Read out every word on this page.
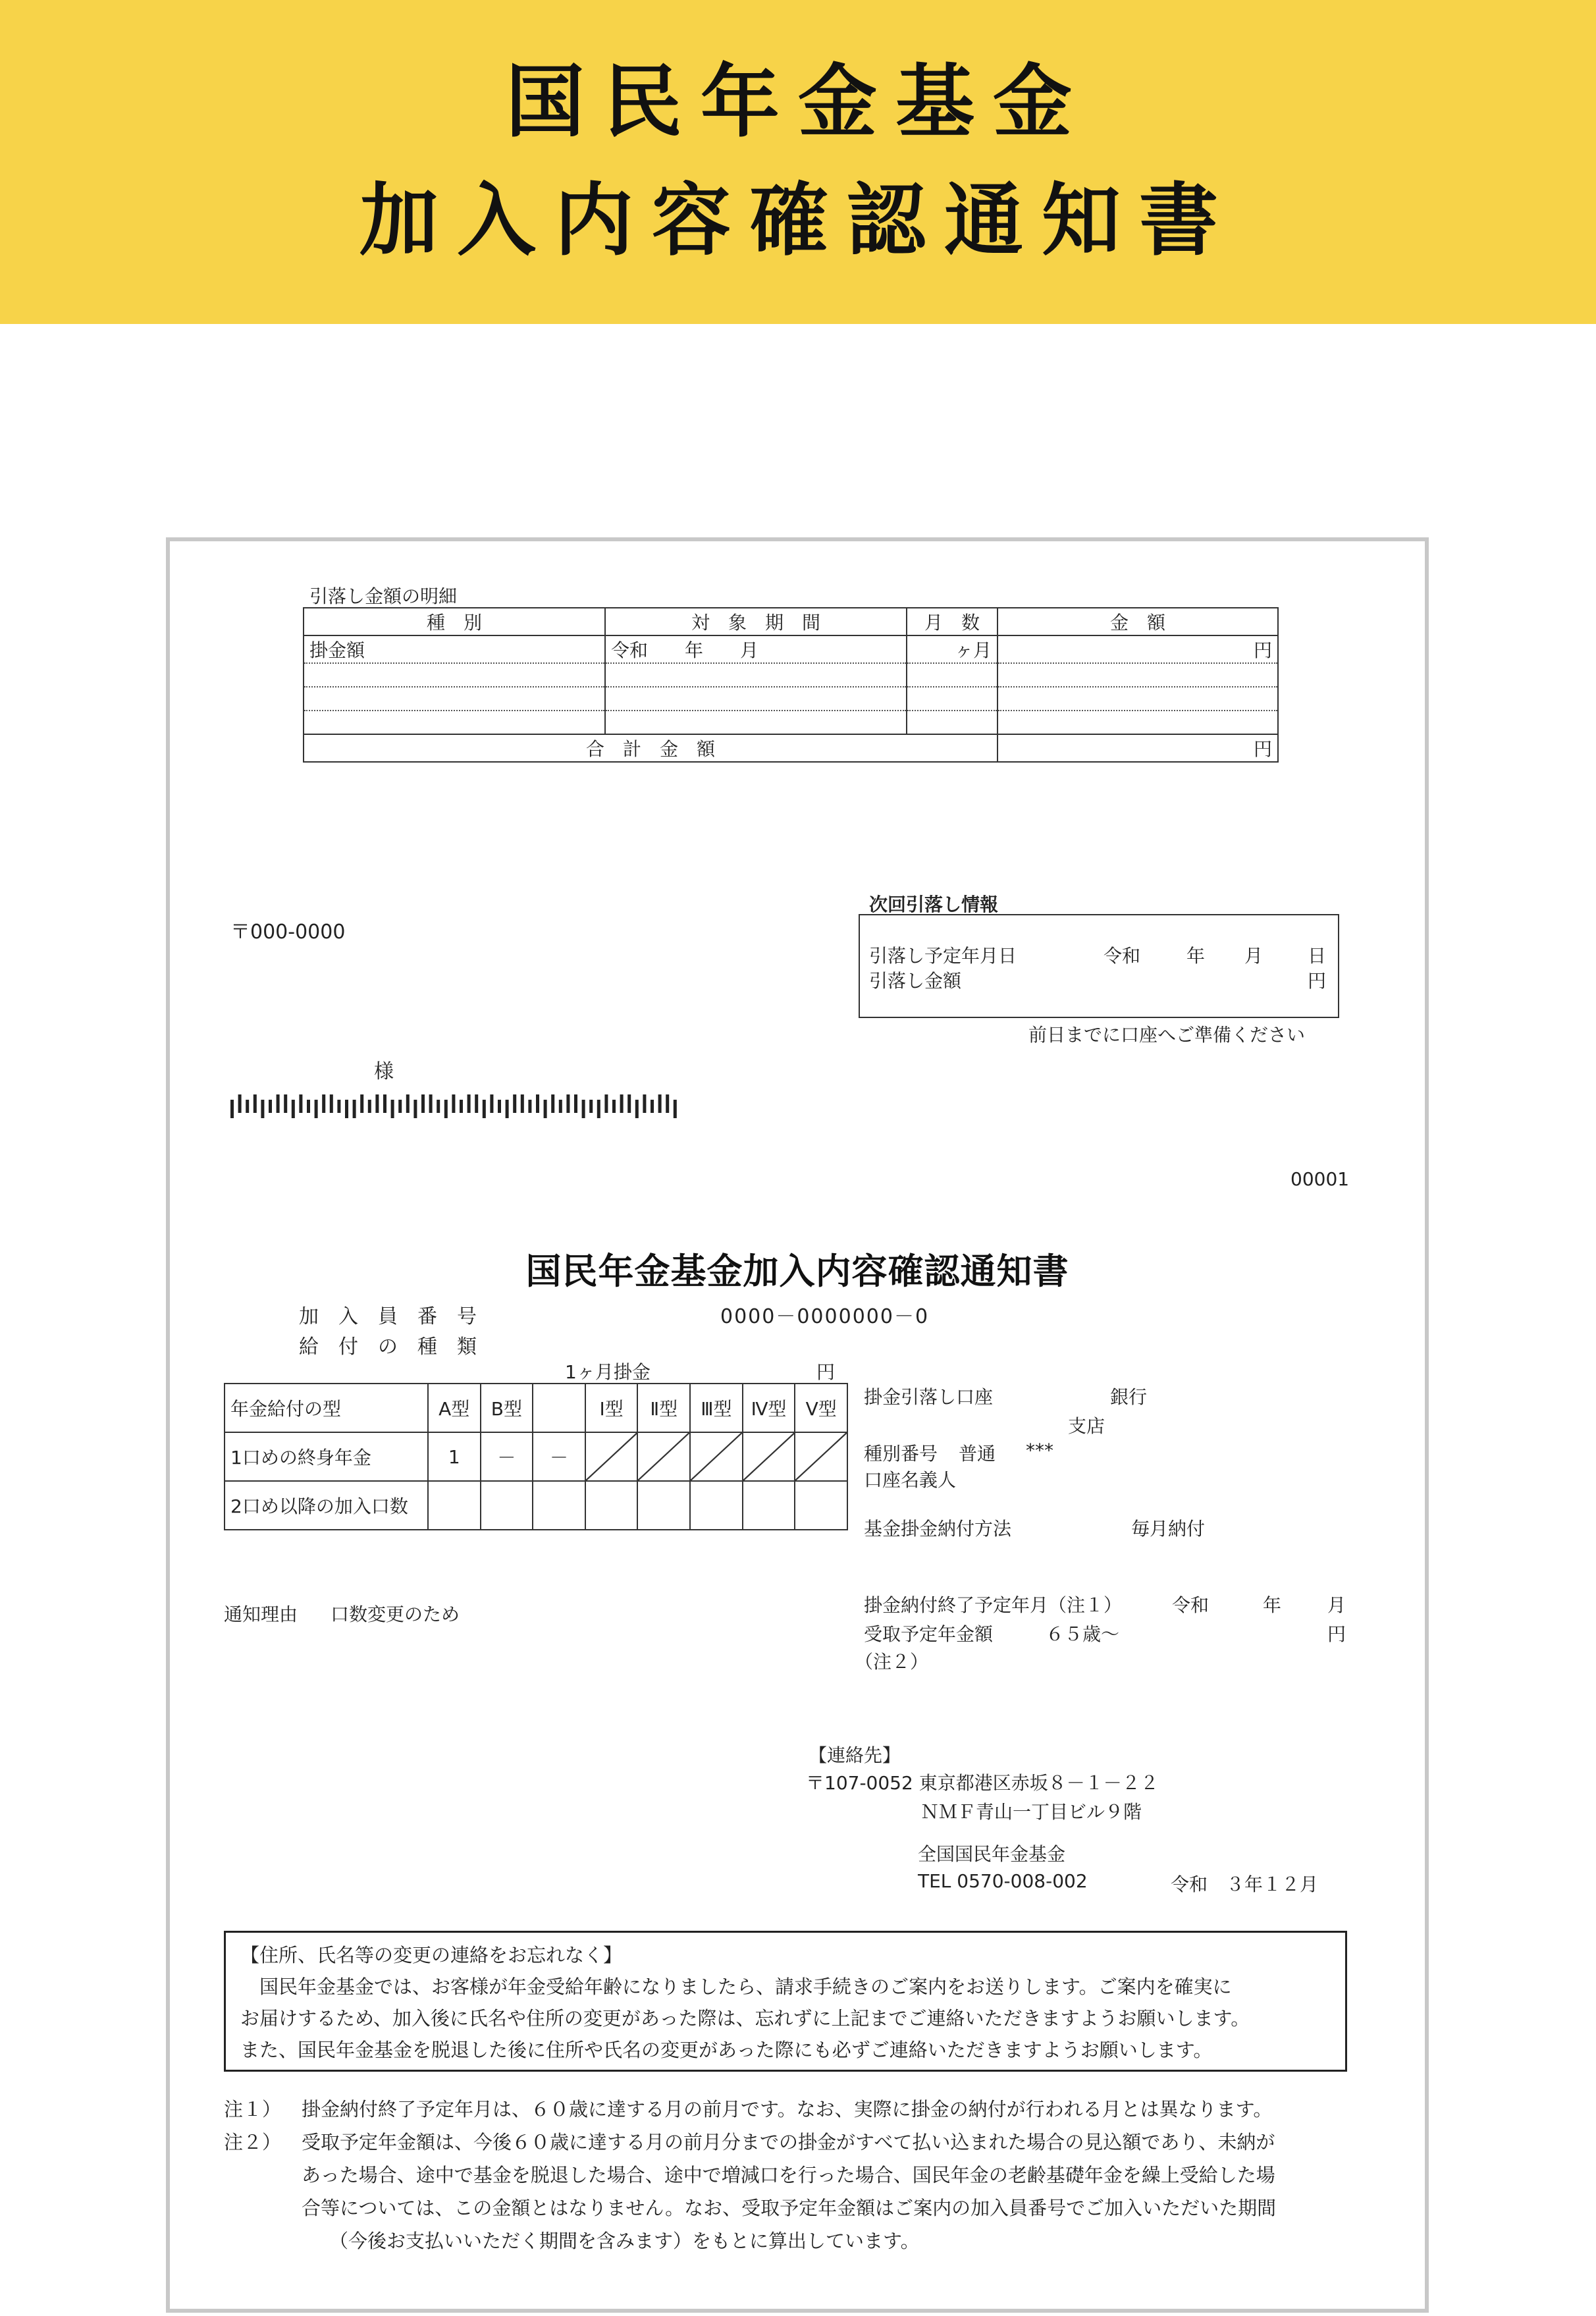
国民年金基金
加入内容確認通知書
引落し金額の明細
種　別	対　象　期　間	月　数	金　額
掛金額	令和　　年　　月	ヶ月	円

合　計　金　額			円
〒000-0000
様
次回引落し情報
引落し予定年月日	令和 年 月 日
引落し金額	円
前日までに口座へご準備ください
00001
国民年金基金加入内容確認通知書
加　入　員　番　号	0000－0000000－0
給　付　の　種　類
1ヶ月掛金	円
年金給付の型	A型	B型		Ⅰ型	Ⅱ型	Ⅲ型	Ⅳ型	Ⅴ型
1口めの終身年金	1	－	－	

2口め以降の加入口数								
掛金引落し口座	銀行
支店
種別番号 普通 ***
口座名義人
基金掛金納付方法	毎月納付
通知理由 口数変更のため	掛金納付終了予定年月（注１）	令和	年 月
受取予定年金額	６５歳～	円
（注２）
【連絡先】
〒107-0052 東京都港区赤坂８－１－２２
ＮＭＦ青山一丁目ビル９階
全国国民年金基金
TEL 0570-008-002	令和　３年１２月
【住所、氏名等の変更の連絡をお忘れなく】
　国民年金基金では、お客様が年金受給年齢になりましたら、請求手続きのご案内をお送りします。ご案内を確実に
お届けするため、加入後に氏名や住所の変更があった際は、忘れずに上記までご連絡いただきますようお願いします。
また、国民年金基金を脱退した後に住所や氏名の変更があった際にも必ずご連絡いただきますようお願いします。
注１）	掛金納付終了予定年月は、６０歳に達する月の前月です。なお、実際に掛金の納付が行われる月とは異なります。
注２）	受取予定年金額は、今後６０歳に達する月の前月分までの掛金がすべて払い込まれた場合の見込額であり、未納が
あった場合、途中で基金を脱退した場合、途中で増減口を行った場合、国民年金の老齢基礎年金を繰上受給した場
合等については、この金額とはなりません。なお、受取予定年金額はご案内の加入員番号でご加入いただいた期間
（今後お支払いいただく期間を含みます）をもとに算出しています。
